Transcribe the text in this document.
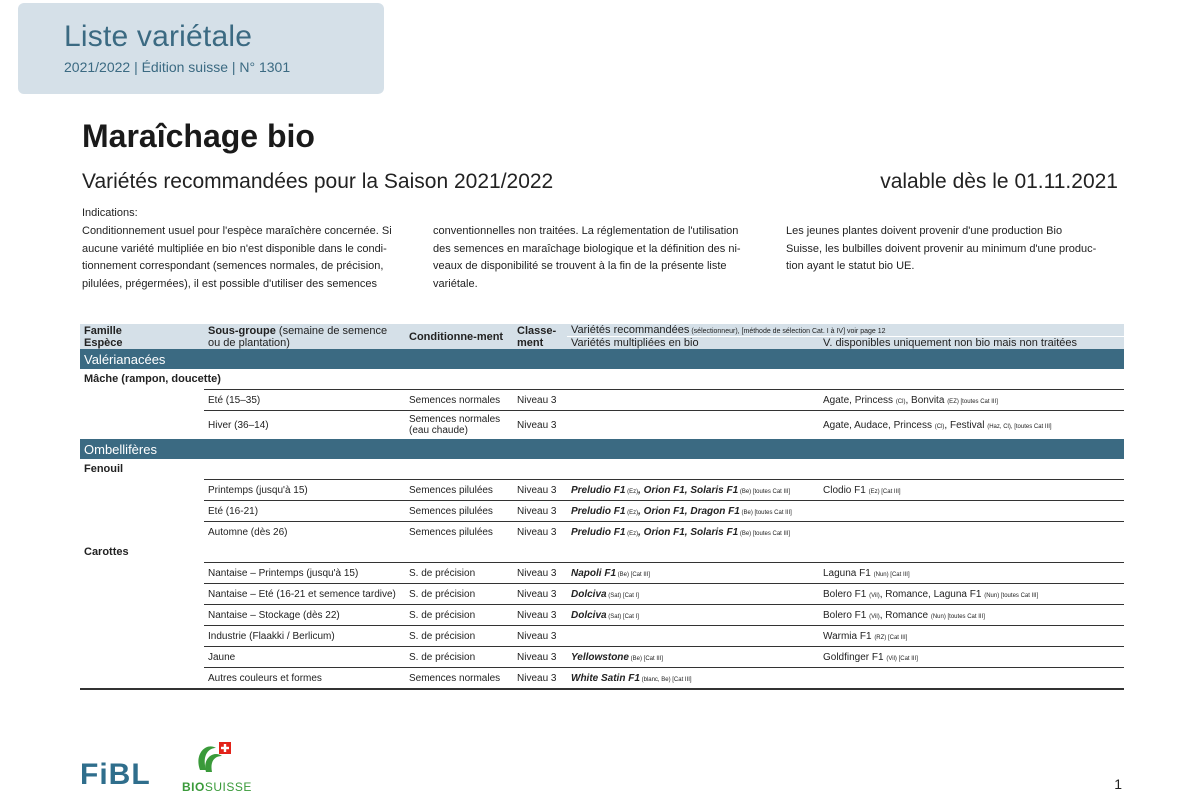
Liste variétale
2021/2022 | Édition suisse | N° 1301
Maraîchage bio
Variétés recommandées pour la Saison 2021/2022	valable dès le 01.11.2021
Indications:
Conditionnement usuel pour l'espèce maraîchère concernée. Si
aucune variété multipliée en bio n'est disponible dans le condi-
tionnement correspondant (semences normales, de précision,
pilulées, prégermées), il est possible d'utiliser des semences
conventionnelles non traitées. La réglementation de l'utilisation
des semences en maraîchage biologique et la définition des ni-
veaux de disponibilité se trouvent à la fin de la présente liste
variétale.
Les jeunes plantes doivent provenir d'une production Bio
Suisse, les bulbilles doivent provenir au minimum d'une produc-
tion ayant le statut bio UE.
Famille
Espèce	Sous-groupe (semaine de semence ou de plantation)	Conditionne-ment	Classe-ment	Variétés recommandées (sélectionneur), [méthode de sélection Cat. I à IV] voir page 12	
				Variétés multipliées en bio	V. disponibles uniquement non bio mais non traitées
Valérianacées					
Mâche (rampon, doucette)					
	Eté (15–35)	Semences normales	Niveau 3		Agate, Princess (Cl), Bonvita (EZ) [toutes Cat III]
	Hiver (36–14)	Semences normales (eau chaude)	Niveau 3		Agate, Audace, Princess (Cl), Festival (Haz, Cl), [toutes Cat III]
Ombellifères					
Fenouil					
	Printemps (jusqu'à 15)	Semences pilulées	Niveau 3	Preludio F1 (Ez), Orion F1, Solaris F1 (Be) [toutes Cat III]	Clodio F1 (Ez) [Cat III]
	Eté (16-21)	Semences pilulées	Niveau 3	Preludio F1 (Ez), Orion F1, Dragon F1 (Be) [toutes Cat III]	
	Automne (dès 26)	Semences pilulées	Niveau 3	Preludio F1 (Ez), Orion F1, Solaris F1 (Be) [toutes Cat III]	
Carottes					
	Nantaise – Printemps (jusqu'à 15)	S. de précision	Niveau 3	Napoli F1 (Be) [Cat III]	Laguna F1 (Nun) [Cat III]
	Nantaise – Eté (16-21 et semence tardive)	S. de précision	Niveau 3	Dolciva (Sat) [Cat I]	Bolero F1 (Vil), Romance, Laguna F1 (Nun) [toutes Cat III]
	Nantaise – Stockage (dès 22)	S. de précision	Niveau 3	Dolciva (Sat) [Cat I]	Bolero F1 (Vil), Romance (Nun) [toutes Cat III]
	Industrie (Flaakki / Berlicum)	S. de précision	Niveau 3		Warmia F1 (RZ) [Cat III]
	Jaune	S. de précision	Niveau 3	Yellowstone (Be) [Cat III]	Goldfinger F1 (Vil) [Cat III]
	Autres couleurs et formes	Semences normales	Niveau 3	White Satin F1 (blanc, Be) [Cat III]	
FiBL	BIOSUISSE	1
